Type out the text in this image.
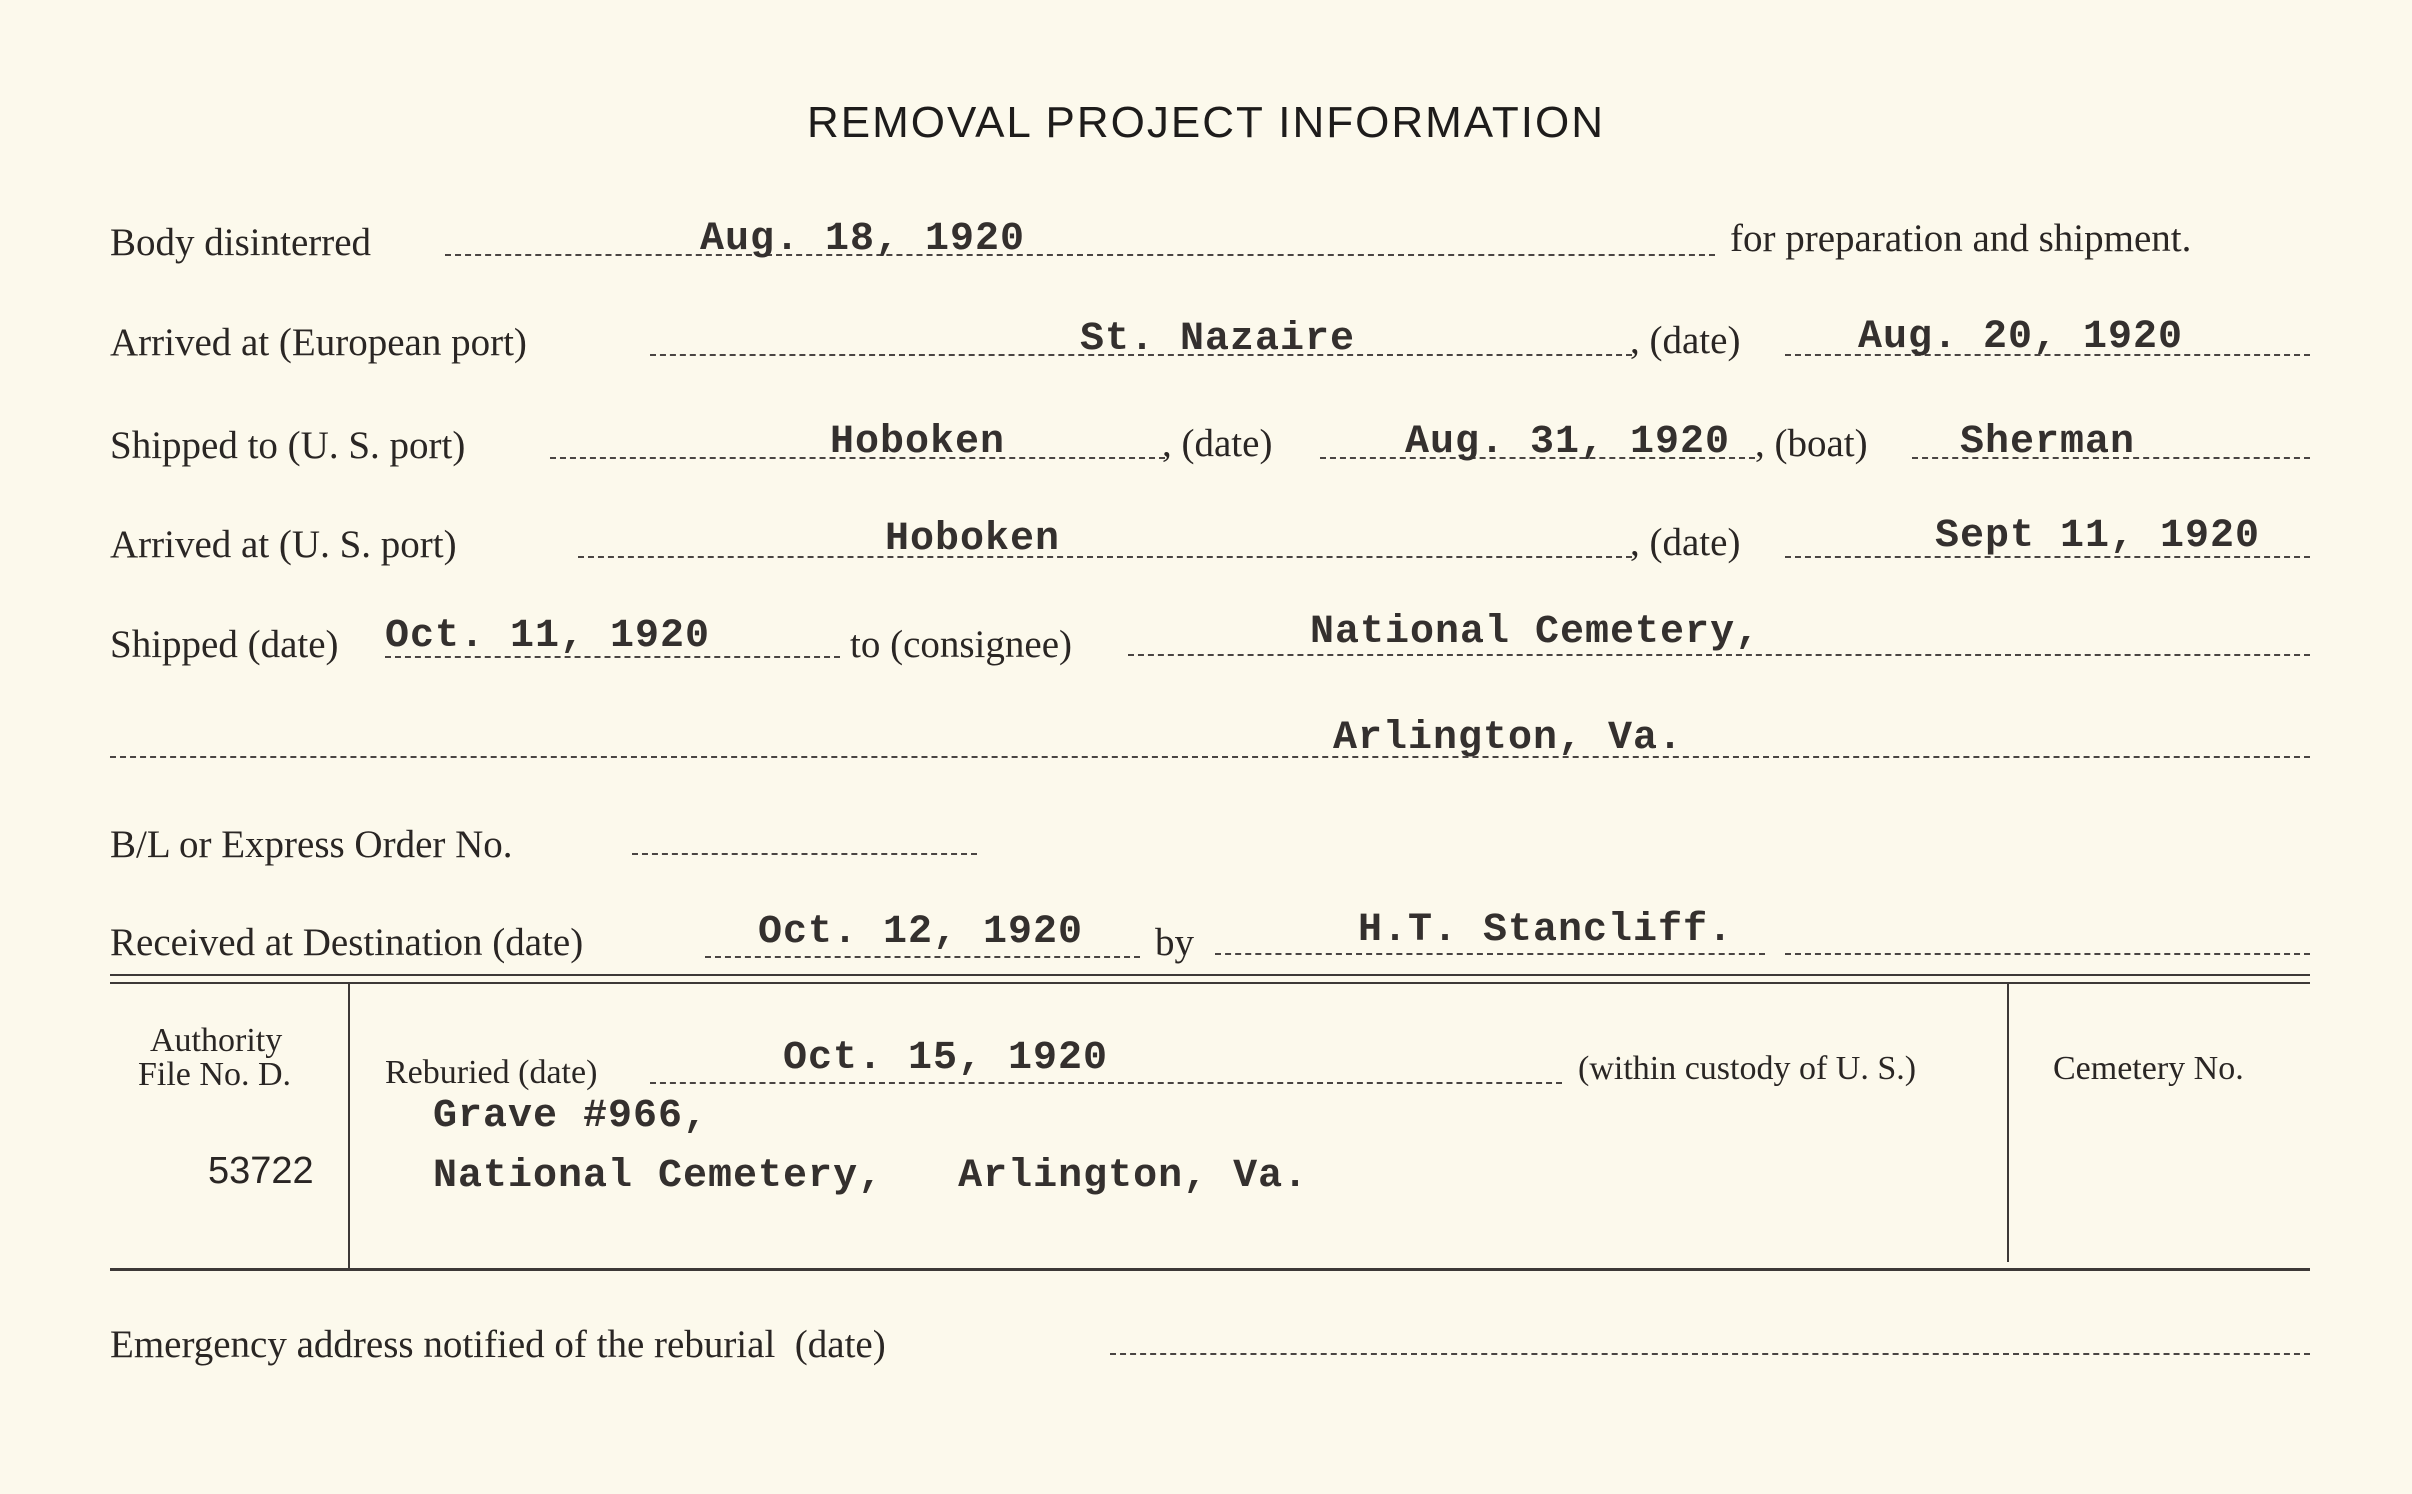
REMOVAL PROJECT INFORMATION
Body disinterred	Aug. 18, 1920	for preparation and shipment.
Arrived at (European port)	St. Nazaire	, (date)	Aug. 20, 1920
Shipped to (U. S. port)	Hoboken	, (date)	Aug. 31, 1920 , (boat) Sherman
Arrived at (U. S. port)	Hoboken	, (date)	Sept 11, 1920
Shipped (date) Oct. 11, 1920	to (consignee)	National Cemetery,
Arlington, Va.
B/L or Express Order No.
Received at Destination (date)	Oct. 12, 1920 by	H.T. Stancliff.
Authority
File No. D.
53722
Reburied (date)	Oct. 15, 1920	(within custody of U. S.)	Cemetery No.
Grave #966,
National Cemetery,   Arlington, Va.
Emergency address notified of the reburial  (date)
